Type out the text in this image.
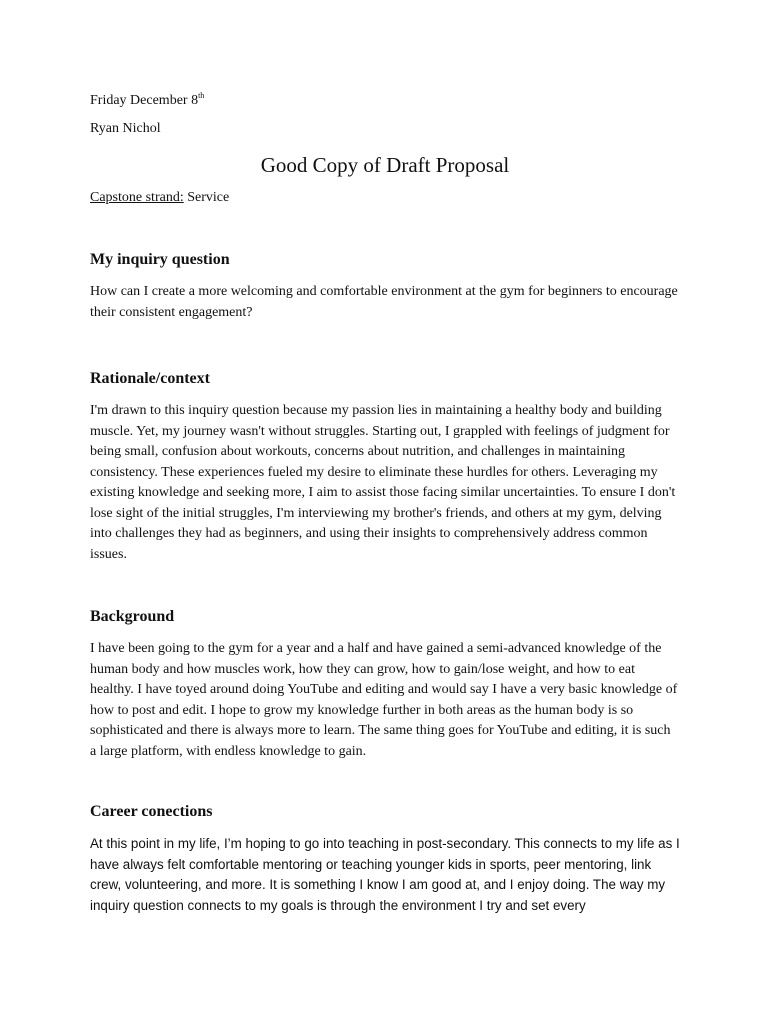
Friday December 8th

Ryan Nichol

Good Copy of Draft Proposal

Capstone strand: Service

My inquiry question

How can I create a more welcoming and comfortable environment at the gym for beginners to encourage their consistent engagement?

Rationale/context

I'm drawn to this inquiry question because my passion lies in maintaining a healthy body and building muscle. Yet, my journey wasn't without struggles. Starting out, I grappled with feelings of judgment for being small, confusion about workouts, concerns about nutrition, and challenges in maintaining consistency. These experiences fueled my desire to eliminate these hurdles for others. Leveraging my existing knowledge and seeking more, I aim to assist those facing similar uncertainties. To ensure I don't lose sight of the initial struggles, I'm interviewing my brother's friends, and others at my gym, delving into challenges they had as beginners, and using their insights to comprehensively address common issues.

Background

I have been going to the gym for a year and a half and have gained a semi-advanced knowledge of the human body and how muscles work, how they can grow, how to gain/lose weight, and how to eat healthy. I have toyed around doing YouTube and editing and would say I have a very basic knowledge of how to post and edit. I hope to grow my knowledge further in both areas as the human body is so sophisticated and there is always more to learn. The same thing goes for YouTube and editing, it is such a large platform, with endless knowledge to gain.

Career conections

At this point in my life, I’m hoping to go into teaching in post-secondary. This connects to my life as I have always felt comfortable mentoring or teaching younger kids in sports, peer mentoring, link crew, volunteering, and more. It is something I know I am good at, and I enjoy doing. The way my inquiry question connects to my goals is through the environment I try and set every
